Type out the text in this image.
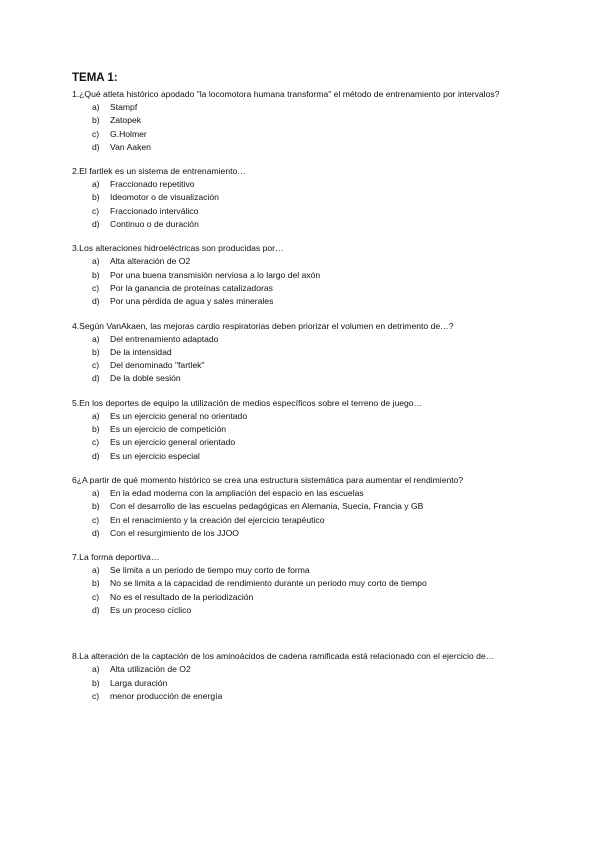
TEMA 1:

1.¿Qué atleta histórico apodado "la locomotora humana transforma" el método de entrenamiento por intervalos?

a)	Stampf
b)	Zatopek
c)	G.Holmer
d)	Van Aaken

2.El fartlek es un sistema de entrenamiento…

a)	Fraccionado repetitivo
b)	Ideomotor o de visualización
c)	Fraccionado interválico
d)	Continuo o de duración

3.Los alteraciones hidroeléctricas son producidas por…

a)	Alta alteración de O2
b)	Por una buena transmisión nerviosa a lo largo del axón
c)	Por la ganancia de proteínas catalizadoras
d)	Por una pérdida de agua y sales minerales

4.Según VanAkaen, las mejoras cardio respiratorias deben priorizar el volumen en detrimento de…?

a)	Del entrenamiento adaptado
b)	De la intensidad
c)	Del denominado "fartlek"
d)	De la doble sesión

5.En los deportes de equipo la utilización de medios específicos sobre el terreno de juego…

a)	Es un ejercicio general no orientado
b)	Es un ejercicio de competición
c)	Es un ejercicio general orientado
d)	Es un ejercicio especial

6¿A partir de qué momento histórico se crea una estructura sistemática para aumentar el rendimiento?

a)	En la edad moderna con la ampliación del espacio en las escuelas
b)	Con el desarrollo de las escuelas pedagógicas en Alemania, Suecia, Francia y GB
c)	En el renacimiento y la creación del ejercicio terapéutico
d)	Con el resurgimiento de los JJOO

7.La forma deportiva…

a)	Se limita a un periodo de tiempo muy corto de forma
b)	No se limita a la capacidad de rendimiento durante un periodo muy corto de tiempo
c)	No es el resultado de la periodización
d)	Es un proceso cíclico

8.La alteración de la captación de los aminoácidos de cadena ramificada está relacionado con el ejercicio de…

a)	Alta utilización de O2
b)	Larga duración
c)	menor producción de energía
